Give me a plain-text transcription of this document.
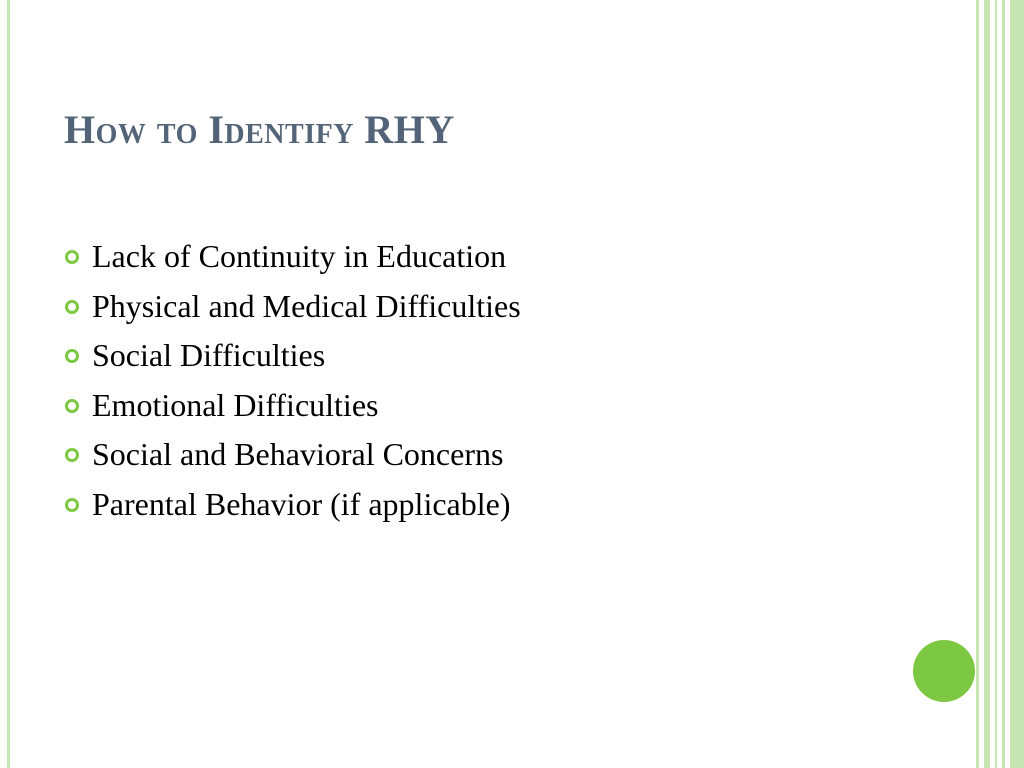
How to Identify RHY
Lack of Continuity in Education
Physical and Medical Difficulties
Social Difficulties
Emotional Difficulties
Social and Behavioral Concerns
Parental Behavior (if applicable)
